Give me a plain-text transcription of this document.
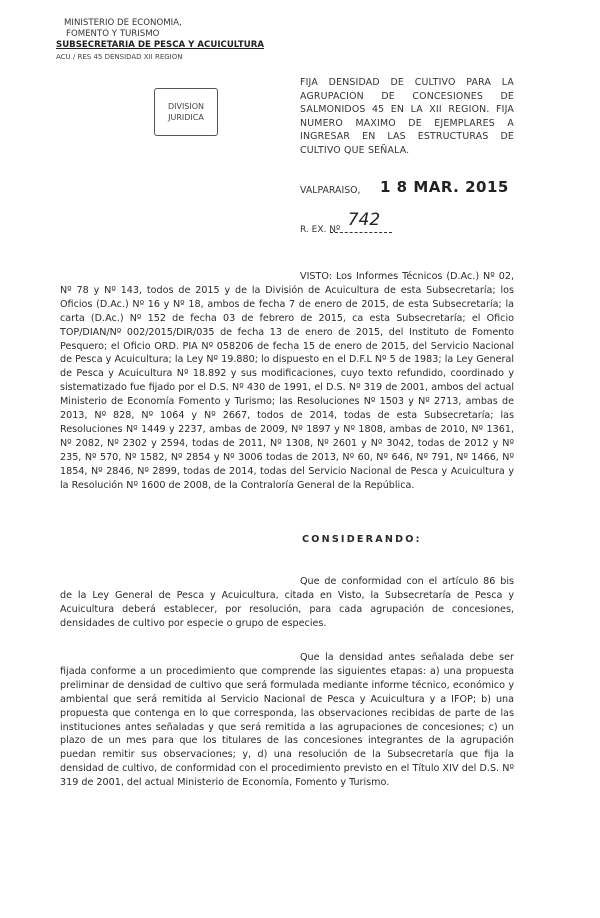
MINISTERIO DE ECONOMIA,
FOMENTO Y TURISMO
SUBSECRETARIA DE PESCA Y ACUICULTURA
ACU / RES 45 DENSIDAD XII REGION
DIVISION
JURIDICA
FIJA DENSIDAD DE CULTIVO PARA LA AGRUPACION DE CONCESIONES DE SALMONIDOS 45 EN LA XII REGION. FIJA NUMERO MAXIMO DE EJEMPLARES A INGRESAR EN LAS ESTRUCTURAS DE CULTIVO QUE SEÑALA.
VALPARAISO, 1 8 MAR. 2015
R. EX. Nº 742
VISTO: Los Informes Técnicos (D.Ac.) Nº 02, Nº 78 y Nº 143, todos de 2015 y de la División de Acuicultura de esta Subsecretaría; los Oficios (D.Ac.) Nº 16 y Nº 18, ambos de fecha 7 de enero de 2015, de esta Subsecretaría; la carta (D.Ac.) Nº 152 de fecha 03 de febrero de 2015, ca esta Subsecretaría; el Oficio TOP/DIAN/Nº 002/2015/DIR/035 de fecha 13 de enero de 2015, del Instituto de Fomento Pesquero; el Oficio ORD. PIA Nº 058206 de fecha 15 de enero de 2015, del Servicio Nacional de Pesca y Acuicultura; la Ley Nº 19.880; lo dispuesto en el D.F.L Nº 5 de 1983; la Ley General de Pesca y Acuicultura Nº 18.892 y sus modificaciones, cuyo texto refundido, coordinado y sistematizado fue fijado por el D.S. Nº 430 de 1991, el D.S. Nº 319 de 2001, ambos del actual Ministerio de Economía Fomento y Turismo; las Resoluciones Nº 1503 y Nº 2713, ambas de 2013, Nº 828, Nº 1064 y Nº 2667, todos de 2014, todas de esta Subsecretaría; las Resoluciones Nº 1449 y 2237, ambas de 2009, Nº 1897 y Nº 1808, ambas de 2010, Nº 1361, Nº 2082, Nº 2302 y 2594, todas de 2011, Nº 1308, Nº 2601 y Nº 3042, todas de 2012 y Nº 235, Nº 570, Nº 1582, Nº 2854 y Nº 3006 todas de 2013, Nº 60, Nº 646, Nº 791, Nº 1466, Nº 1854, Nº 2846, Nº 2899, todas de 2014, todas del Servicio Nacional de Pesca y Acuicultura y la Resolución Nº 1600 de 2008, de la Contraloría General de la República.
CONSIDERANDO:
Que de conformidad con el artículo 86 bis de la Ley General de Pesca y Acuicultura, citada en Visto, la Subsecretaría de Pesca y Acuicultura deberá establecer, por resolución, para cada agrupación de concesiones, densidades de cultivo por especie o grupo de especies.
Que la densidad antes señalada debe ser fijada conforme a un procedimiento que comprende las siguientes etapas: a) una propuesta preliminar de densidad de cultivo que será formulada mediante informe técnico, económico y ambiental que será remitida al Servicio Nacional de Pesca y Acuicultura y a IFOP; b) una propuesta que contenga en lo que corresponda, las observaciones recibidas de parte de las instituciones antes señaladas y que será remitida a las agrupaciones de concesiones; c) un plazo de un mes para que los titulares de las concesiones integrantes de la agrupación puedan remitir sus observaciones; y, d) una resolución de la Subsecretaría que fija la densidad de cultivo, de conformidad con el procedimiento previsto en el Título XIV del D.S. Nº 319 de 2001, del actual Ministerio de Economía, Fomento y Turismo.
